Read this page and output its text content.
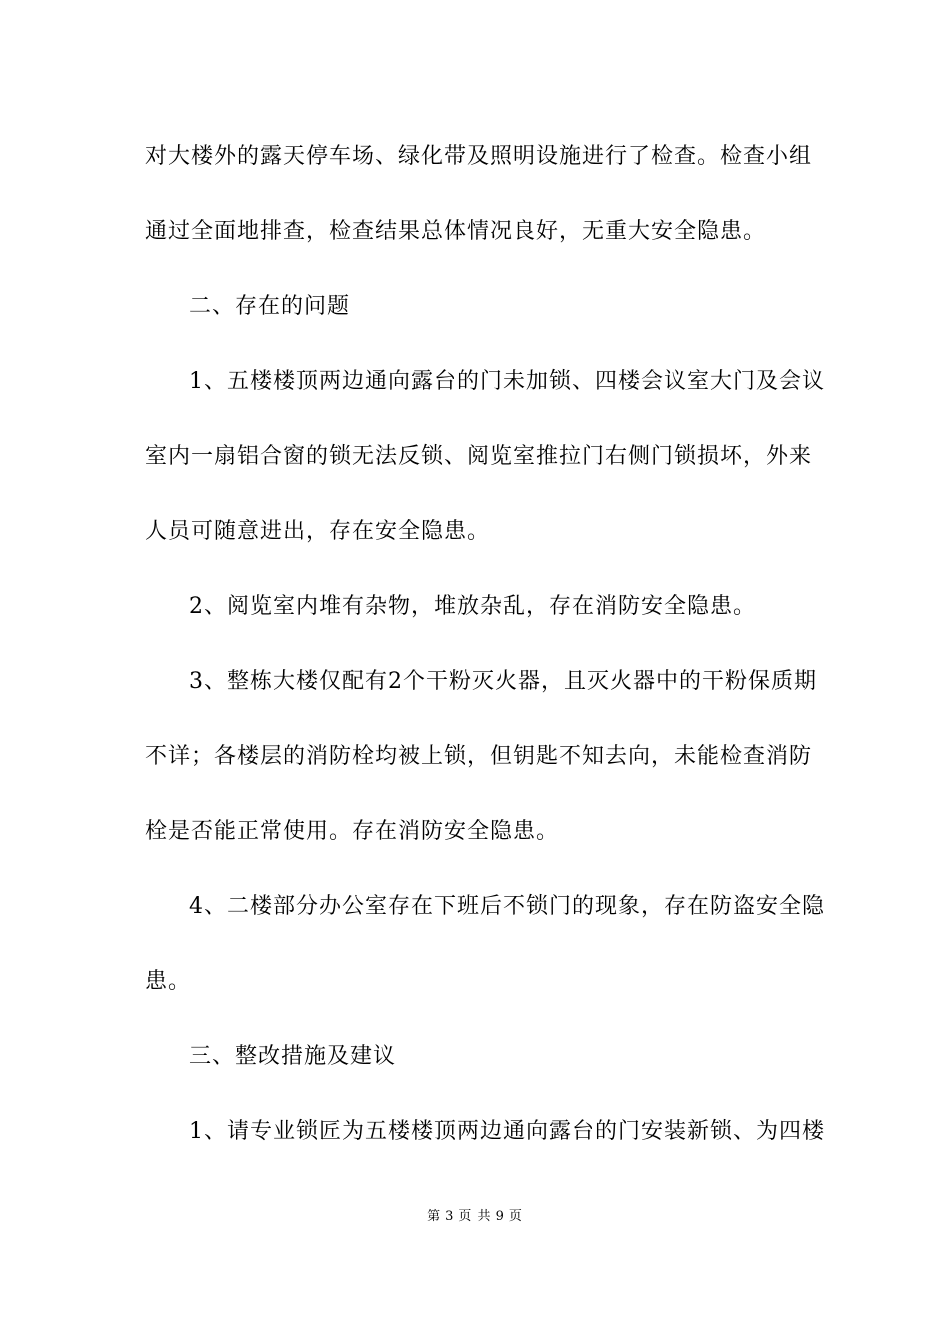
对大楼外的露天停车场、绿化带及照明设施进行了检查。检查小组
通过全面地排查，检查结果总体情况良好，无重大安全隐患。
二、存在的问题
1、五楼楼顶两边通向露台的门未加锁、四楼会议室大门及会议
室内一扇铝合窗的锁无法反锁、阅览室推拉门右侧门锁损坏，外来
人员可随意进出，存在安全隐患。
2、阅览室内堆有杂物，堆放杂乱，存在消防安全隐患。
3、整栋大楼仅配有2个干粉灭火器，且灭火器中的干粉保质期
不详；各楼层的消防栓均被上锁，但钥匙不知去向，未能检查消防
栓是否能正常使用。存在消防安全隐患。
4、二楼部分办公室存在下班后不锁门的现象，存在防盗安全隐
患。
三、整改措施及建议
1、请专业锁匠为五楼楼顶两边通向露台的门安装新锁、为四楼
第 3 页 共 9 页
